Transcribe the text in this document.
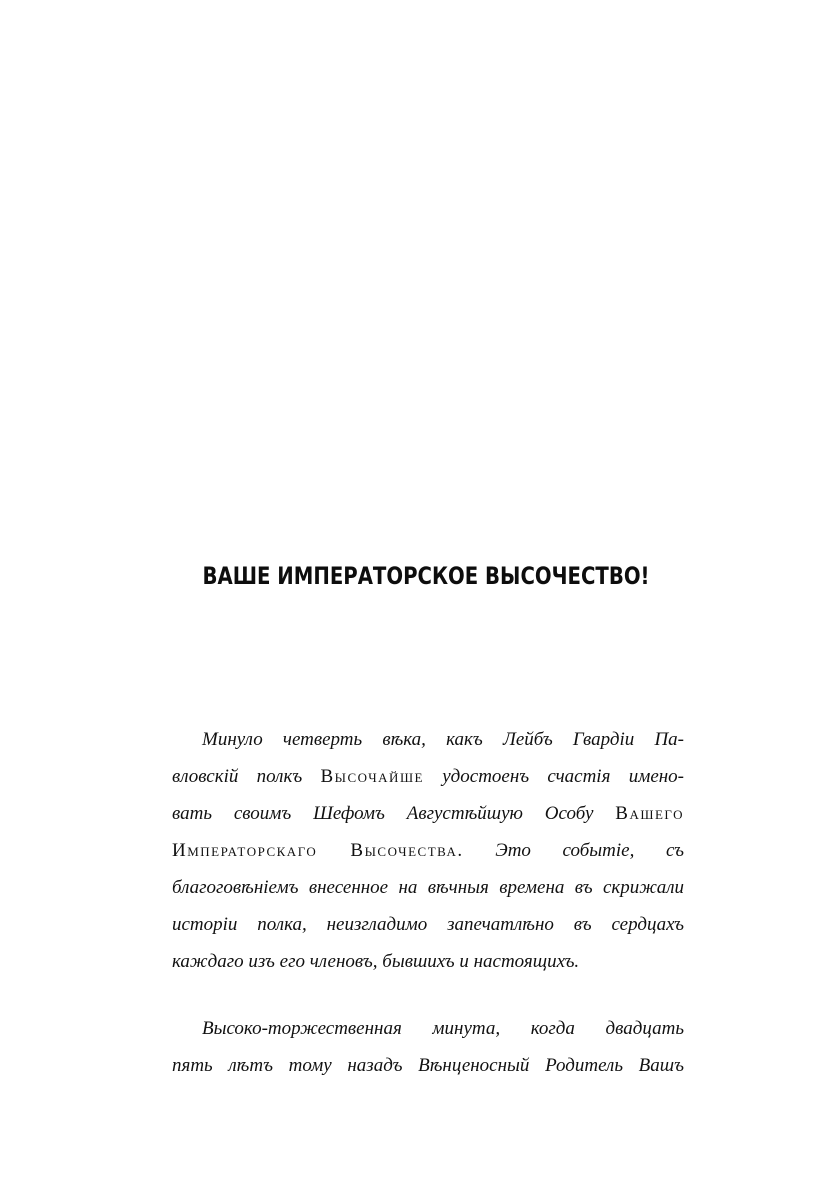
ВАШЕ ИМПЕРАТОРСКОЕ ВЫСОЧЕСТВО!

Минуло четверть вѣка, какъ Лейбъ Гвардіи Па-
вловскій полкъ Высочайше удостоенъ счастія имено-
вать своимъ Шефомъ Августѣйшую Особу Вашего
Императорскаго Высочества. Это событіе, съ
благоговѣніемъ внесенное на вѣчныя времена въ скрижали
исторіи полка, неизгладимо запечатлѣно въ сердцахъ
каждаго изъ его членовъ, бывшихъ и настоящихъ.

Высоко-торжественная минута, когда двадцать
пять лѣтъ тому назадъ Вѣнценосный Родитель Вашъ
